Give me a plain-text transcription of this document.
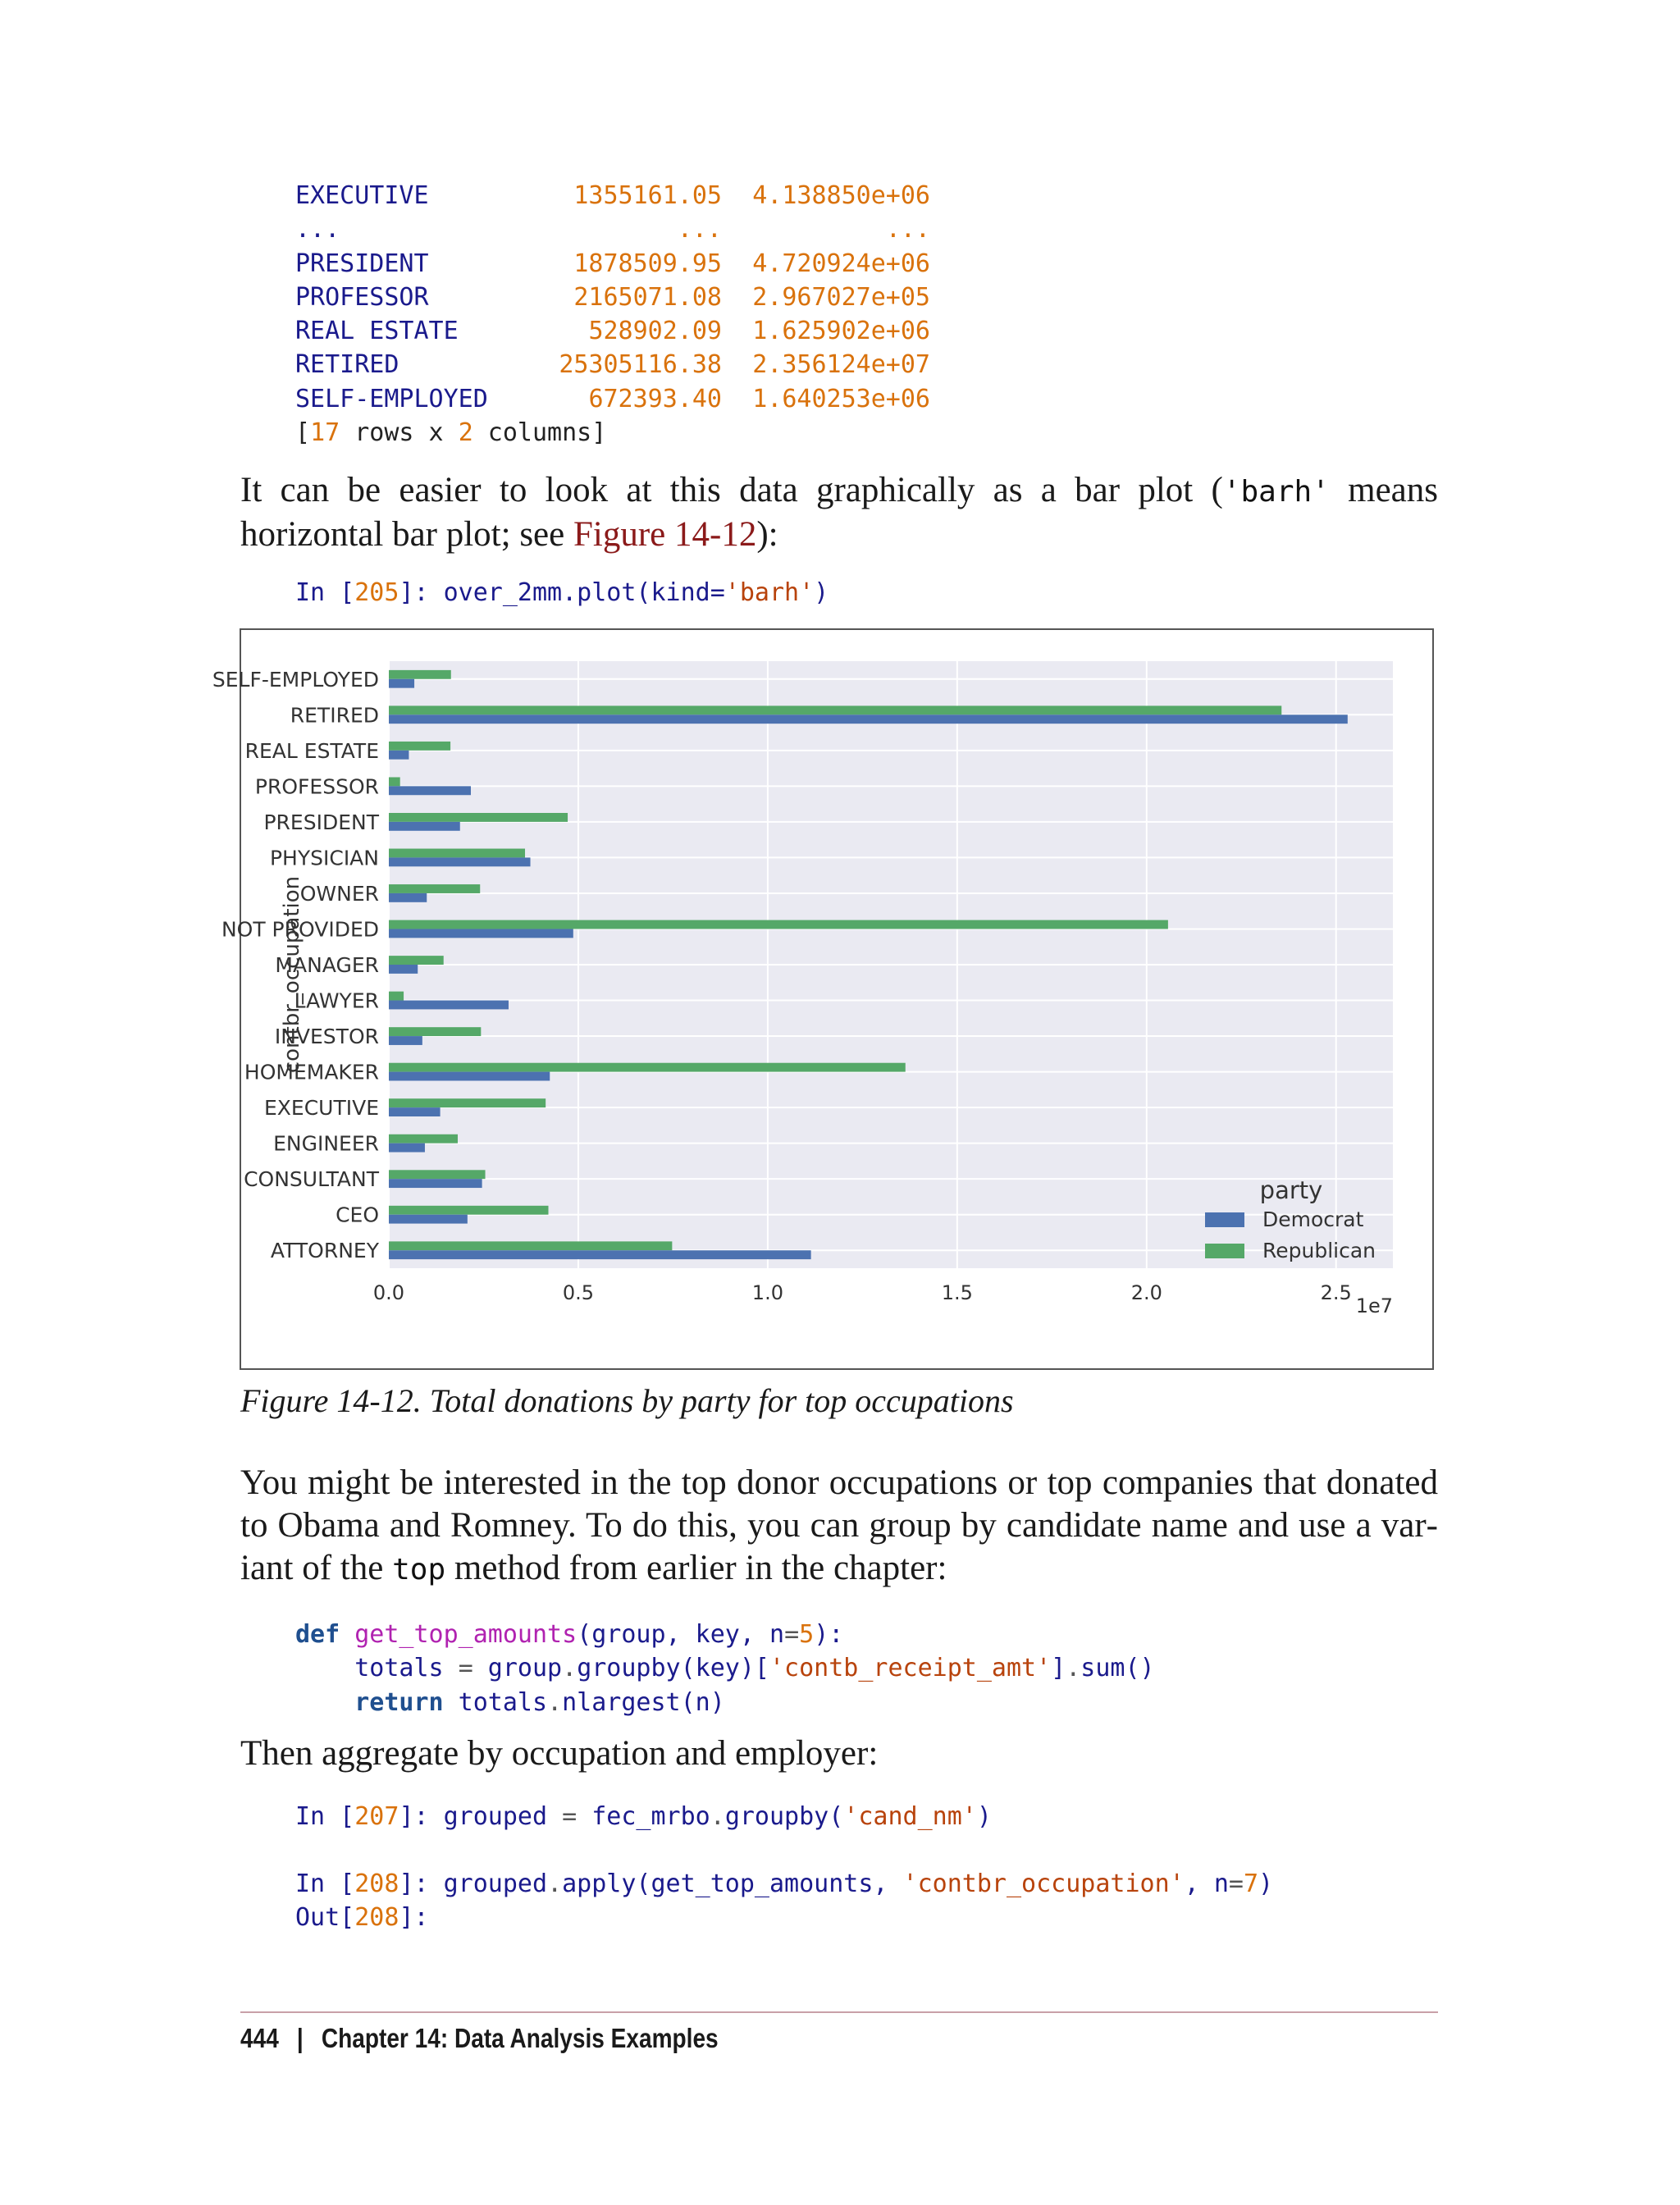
EXECUTIVE	1355161.05	4.138850e+06
...	...	...
PRESIDENT	1878509.95	4.720924e+06
PROFESSOR	2165071.08	2.967027e+05
REAL ESTATE	528902.09	1.625902e+06
RETIRED	25305116.38	2.356124e+07
SELF-EMPLOYED	672393.40	1.640253e+06
[17 rows x 2 columns]
It can be easier to look at this data graphically as a bar plot ('barh' means horizontal bar plot; see Figure 14-12):
In [205]: over_2mm.plot(kind='barh')
ATTORNEY
CEO
CONSULTANT
ENGINEER
EXECUTIVE
HOMEMAKER
INVESTOR
LAWYER
MANAGER
NOT PROVIDED
OWNER
PHYSICIAN
PRESIDENT
PROFESSOR
REAL ESTATE
RETIRED
SELF-EMPLOYED
0.0	0.5	1.0	1.5	2.0	2.5
1e7
contbr_occupation
party
Democrat
Republican
Figure 14-12. Total donations by party for top occupations
You might be interested in the top donor occupations or top companies that donated to Obama and Romney. To do this, you can group by candidate name and use a variant of the top method from earlier in the chapter:
def get_top_amounts(group, key, n=5):
totals = group.groupby(key)['contb_receipt_amt'].sum()
return totals.nlargest(n)
Then aggregate by occupation and employer:
In [207]: grouped = fec_mrbo.groupby('cand_nm')
In [208]: grouped.apply(get_top_amounts, 'contbr_occupation', n=7)
Out[208]:
444 | Chapter 14: Data Analysis Examples
